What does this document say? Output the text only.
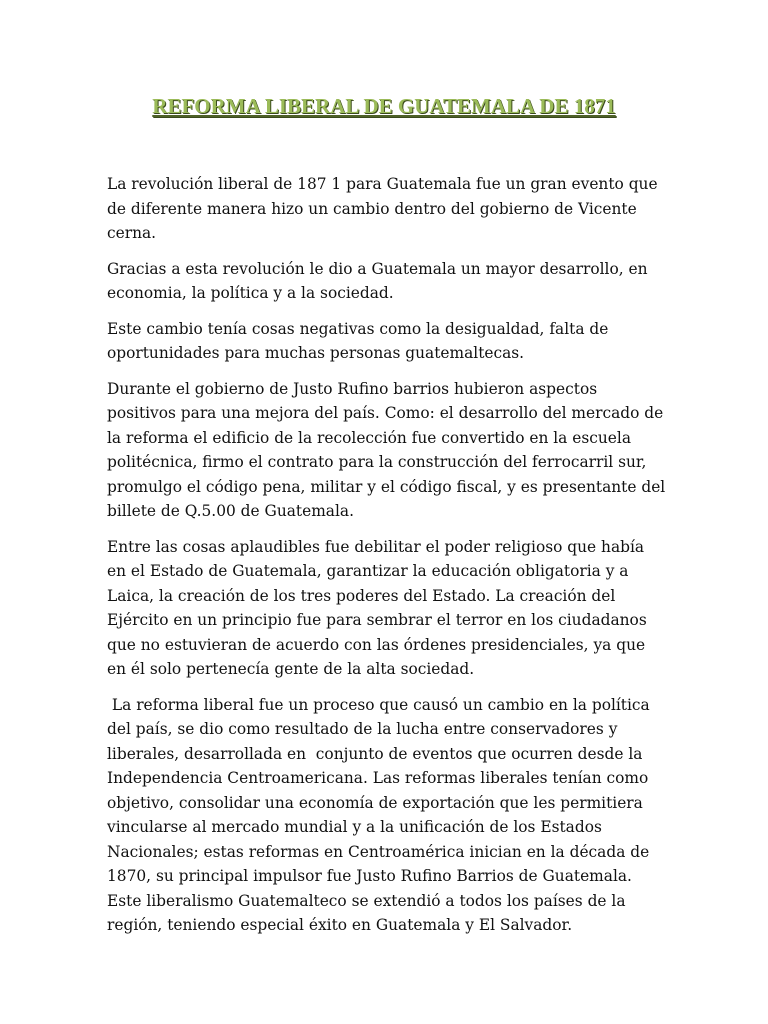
REFORMA LIBERAL DE GUATEMALA DE 1871

La revolución liberal de 187 1 para Guatemala fue un gran evento que de diferente manera hizo un cambio dentro del gobierno de Vicente cerna.

Gracias a esta revolución le dio a Guatemala un mayor desarrollo, en economia, la política y a la sociedad.

Este cambio tenía cosas negativas como la desigualdad, falta de oportunidades para muchas personas guatemaltecas.

Durante el gobierno de Justo Rufino barrios hubieron aspectos positivos para una mejora del país. Como: el desarrollo del mercado de la reforma el edificio de la recolección fue convertido en la escuela politécnica, firmo el contrato para la construcción del ferrocarril sur, promulgo el código pena, militar y el código fiscal, y es presentante del billete de Q.5.00 de Guatemala.

Entre las cosas aplaudibles fue debilitar el poder religioso que había en el Estado de Guatemala, garantizar la educación obligatoria y a Laica, la creación de los tres poderes del Estado. La creación del Ejército en un principio fue para sembrar el terror en los ciudadanos que no estuvieran de acuerdo con las órdenes presidenciales, ya que en él solo pertenecía gente de la alta sociedad.

La reforma liberal fue un proceso que causó un cambio en la política del país, se dio como resultado de la lucha entre conservadores y liberales, desarrollada en  conjunto de eventos que ocurren desde la Independencia Centroamericana. Las reformas liberales tenían como objetivo, consolidar una economía de exportación que les permitiera vincularse al mercado mundial y a la unificación de los Estados Nacionales; estas reformas en Centroamérica inician en la década de 1870, su principal impulsor fue Justo Rufino Barrios de Guatemala. Este liberalismo Guatemalteco se extendió a todos los países de la región, teniendo especial éxito en Guatemala y El Salvador.
